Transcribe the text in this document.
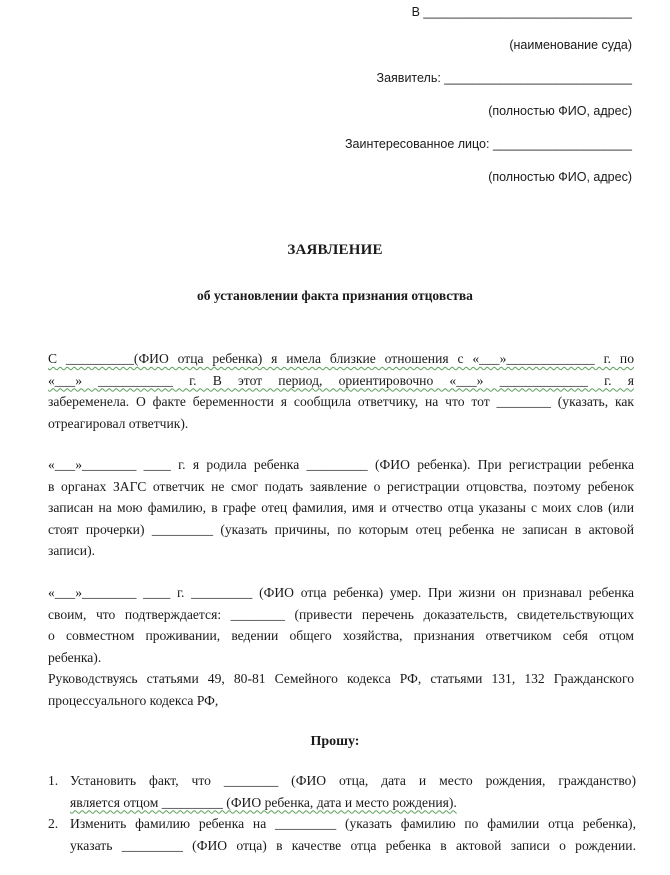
В ______________________________
(наименование суда)
Заявитель: ___________________________
(полностью ФИО, адрес)
Заинтересованное лицо: ____________________
(полностью ФИО, адрес)
ЗАЯВЛЕНИЕ
об установлении факта признания отцовства
С __________(ФИО отца ребенка) я имела близкие отношения с «___»_____________ г. по
«___» ___________ г. В этот период, ориентировочно «___» _____________ г. я
забеременела. О факте беременности я сообщила ответчику, на что тот ________ (указать, как
отреагировал ответчик).
«___»________ ____ г. я родила ребенка _________ (ФИО ребенка). При регистрации ребенка
в органах ЗАГС ответчик не смог подать заявление о регистрации отцовства, поэтому ребенок
записан на мою фамилию, в графе отец фамилия, имя и отчество отца указаны с моих слов (или
стоят прочерки) _________ (указать причины, по которым отец ребенка не записан в актовой
записи).
«___»________ ____ г. _________ (ФИО отца ребенка) умер. При жизни он признавал ребенка
своим, что подтверждается: ________ (привести перечень доказательств, свидетельствующих
о совместном проживании, ведении общего хозяйства, признания ответчиком себя отцом
ребенка).
Руководствуясь статьями 49, 80-81 Семейного кодекса РФ, статьями 131, 132 Гражданского
процессуального кодекса РФ,
Прошу:
1. Установить факт, что ________ (ФИО отца, дата и место рождения, гражданство)
является отцом _________ (ФИО ребенка, дата и место рождения).
2. Изменить фамилию ребенка на _________ (указать фамилию по фамилии отца ребенка),
указать _________ (ФИО отца) в качестве отца ребенка в актовой записи о рождении.
